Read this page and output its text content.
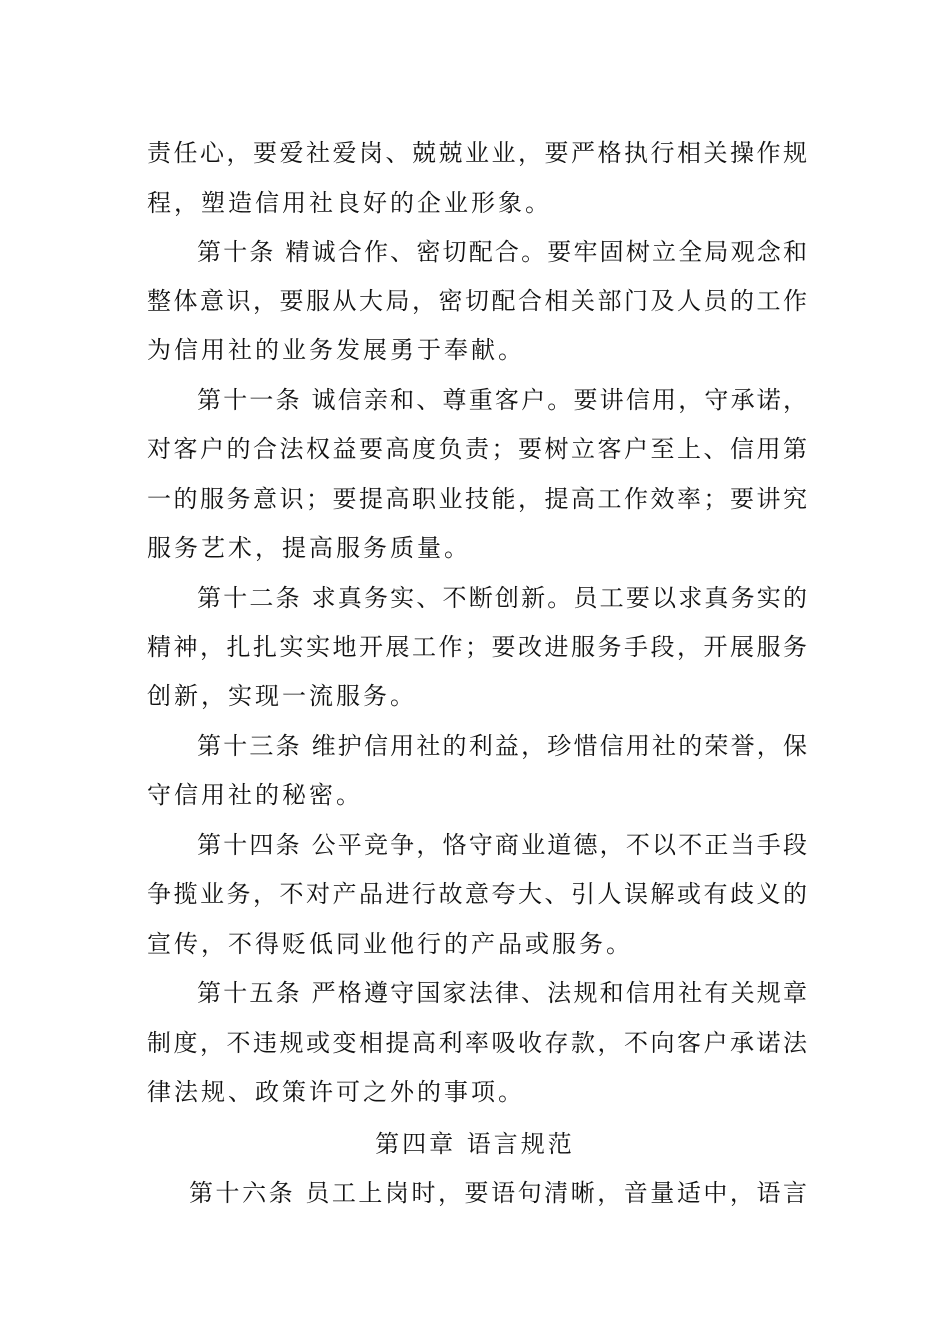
责任心，要爱社爱岗、兢兢业业，要严格执行相关操作规
程，塑造信用社良好的企业形象。
第十条 精诚合作、密切配合。要牢固树立全局观念和
整体意识，要服从大局，密切配合相关部门及人员的工作
为信用社的业务发展勇于奉献。
第十一条 诚信亲和、尊重客户。要讲信用，守承诺，
对客户的合法权益要高度负责；要树立客户至上、信用第
一的服务意识；要提高职业技能，提高工作效率；要讲究
服务艺术，提高服务质量。
第十二条 求真务实、不断创新。员工要以求真务实的
精神，扎扎实实地开展工作；要改进服务手段，开展服务
创新，实现一流服务。
第十三条 维护信用社的利益，珍惜信用社的荣誉，保
守信用社的秘密。
第十四条 公平竞争，恪守商业道德，不以不正当手段
争揽业务，不对产品进行故意夸大、引人误解或有歧义的
宣传，不得贬低同业他行的产品或服务。
第十五条 严格遵守国家法律、法规和信用社有关规章
制度，不违规或变相提高利率吸收存款，不向客户承诺法
律法规、政策许可之外的事项。
第四章 语言规范
第十六条 员工上岗时，要语句清晰，音量适中，语言
